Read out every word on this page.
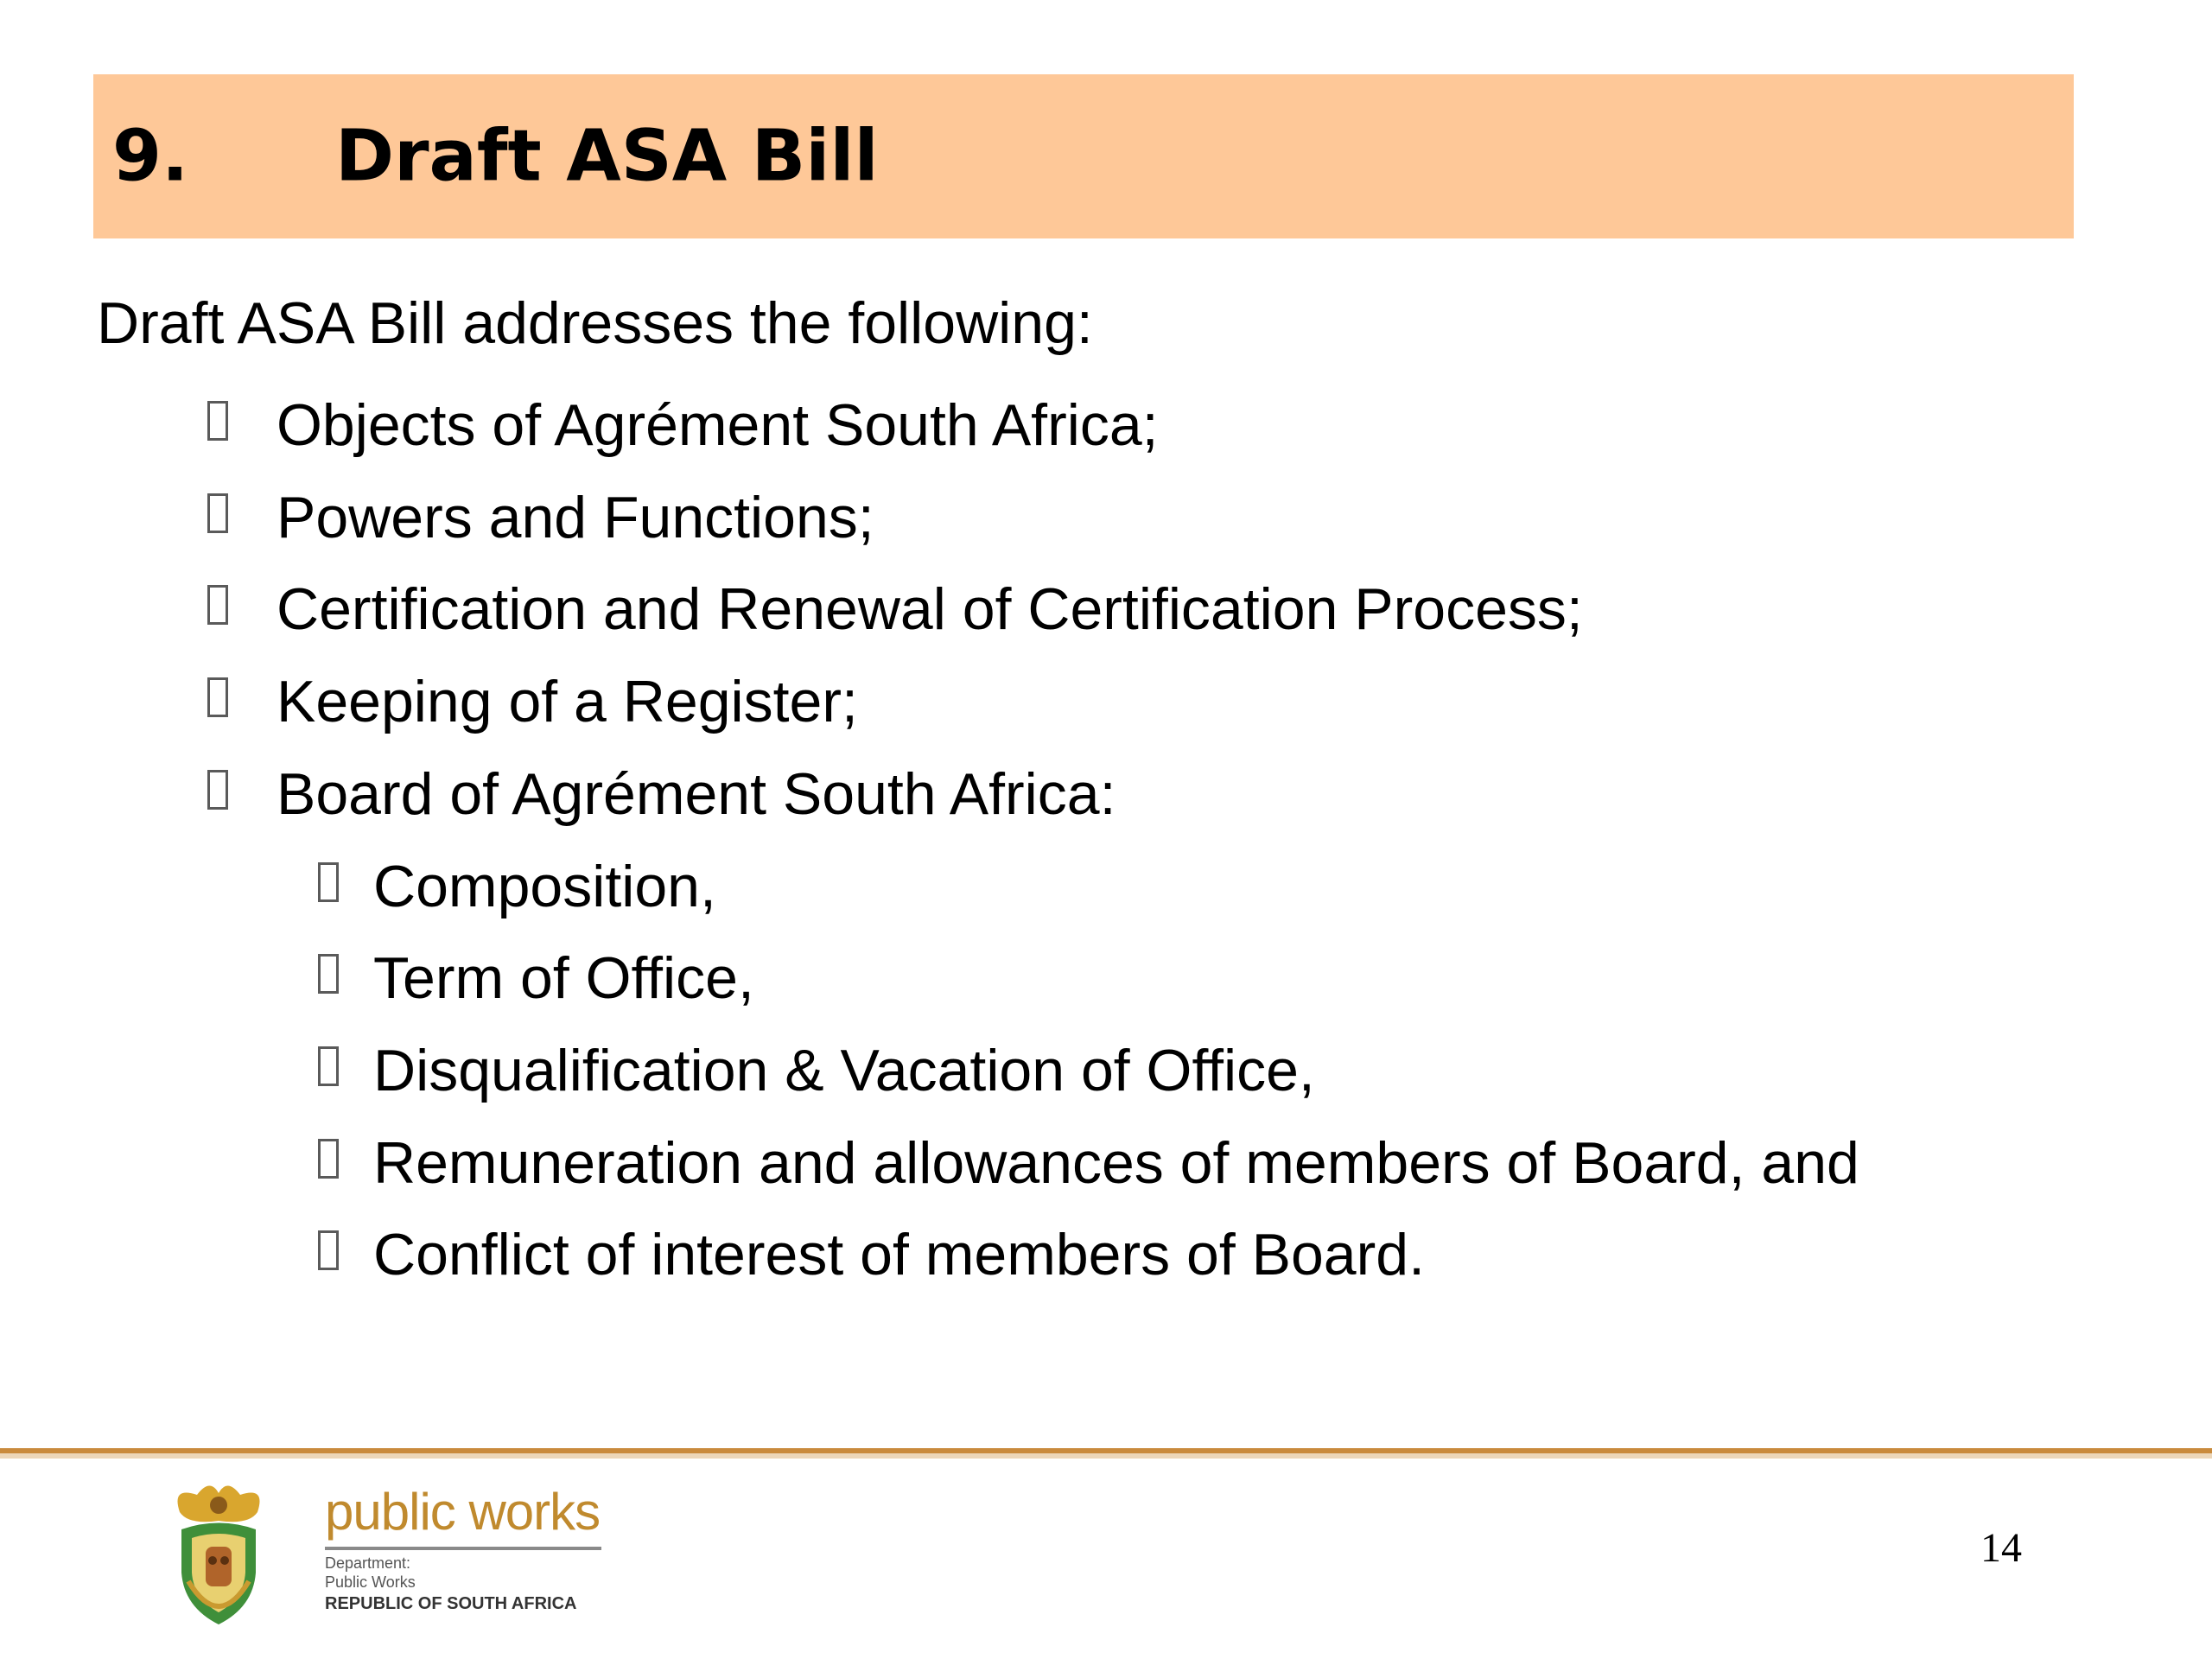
9. Draft ASA Bill
Draft ASA Bill addresses the following:
Objects of Agrément South Africa;
Powers and Functions;
Certification and Renewal of Certification Process;
Keeping of a Register;
Board of Agrément South Africa:
Composition,
Term of Office,
Disqualification & Vacation of Office,
Remuneration and allowances of members of Board, and
Conflict of interest of members of Board.
public works
Department:
Public Works
REPUBLIC OF SOUTH AFRICA
14
